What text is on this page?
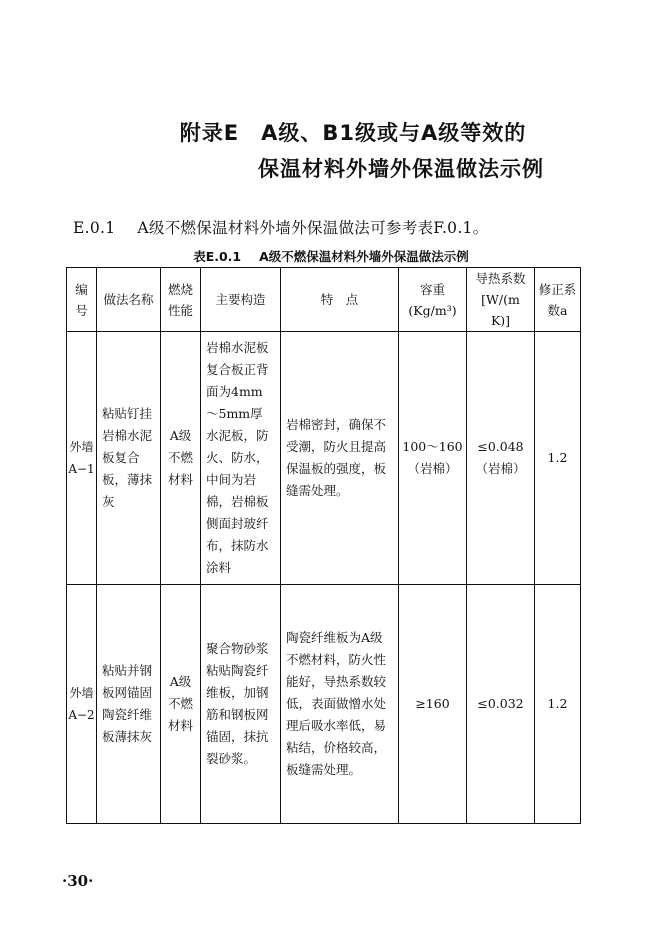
附录E　A级、B1级或与A级等效的
保温材料外墙外保温做法示例
E.0.1 A级不燃保温材料外墙外保温做法可参考表F.0.1。
表E.0.1 A级不燃保温材料外墙外保温做法示例
编号	做法名称	燃烧性能	主要构造	特　点	容重(Kg/m³)	导热系数[W/(m K)]	修正系数a
外墙A−1	粘贴钉挂岩棉水泥板复合板，薄抹灰	A级不燃材料	岩棉水泥板复合板正背面为4mm～5mm厚水泥板，防火、防水，中间为岩棉，岩棉板侧面封玻纤布，抹防水涂料	岩棉密封，确保不受潮，防火且提高保温板的强度，板缝需处理。	100～160（岩棉）	≤0.048（岩棉）	1.2
外墙A−2	粘贴并钢板网锚固陶瓷纤维板薄抹灰	A级不燃材料	聚合物砂浆粘贴陶瓷纤维板，加钢筋和钢板网锚固，抹抗裂砂浆。	陶瓷纤维板为A级不燃材料，防火性能好，导热系数较低，表面做憎水处理后吸水率低，易粘结，价格较高，板缝需处理。	≥160	≤0.032	1.2
·30·
